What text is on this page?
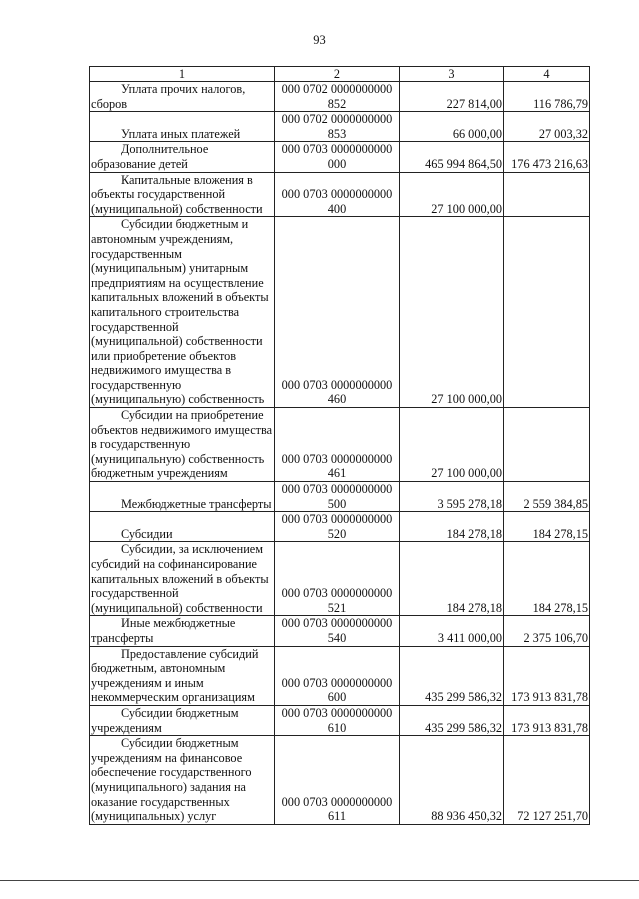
93
1	2	3	4
Уплата прочих налогов, сборов	000 0702 0000000000 852	227 814,00	116 786,79
Уплата иных платежей	000 0702 0000000000 853	66 000,00	27 003,32
Дополнительное образование детей	000 0703 0000000000 000	465 994 864,50	176 473 216,63
Капитальные вложения в объекты государственной (муниципальной) собственности	000 0703 0000000000 400	27 100 000,00	
Субсидии бюджетным и автономным учреждениям, государственным (муниципальным) унитарным предприятиям на осуществление капитальных вложений в объекты капитального строительства государственной (муниципальной) собственности или приобретение объектов недвижимого имущества в государственную (муниципальную) собственность	000 0703 0000000000 460	27 100 000,00	
Субсидии на приобретение объектов недвижимого имущества в государственную (муниципальную) собственность бюджетным учреждениям	000 0703 0000000000 461	27 100 000,00	
Межбюджетные трансферты	000 0703 0000000000 500	3 595 278,18	2 559 384,85
Субсидии	000 0703 0000000000 520	184 278,18	184 278,15
Субсидии, за исключением субсидий на софинансирование капитальных вложений в объекты государственной (муниципальной) собственности	000 0703 0000000000 521	184 278,18	184 278,15
Иные межбюджетные трансферты	000 0703 0000000000 540	3 411 000,00	2 375 106,70
Предоставление субсидий бюджетным, автономным учреждениям и иным некоммерческим организациям	000 0703 0000000000 600	435 299 586,32	173 913 831,78
Субсидии бюджетным учреждениям	000 0703 0000000000 610	435 299 586,32	173 913 831,78
Субсидии бюджетным учреждениям на финансовое обеспечение государственного (муниципального) задания на оказание государственных (муниципальных) услуг	000 0703 0000000000 611	88 936 450,32	72 127 251,70
